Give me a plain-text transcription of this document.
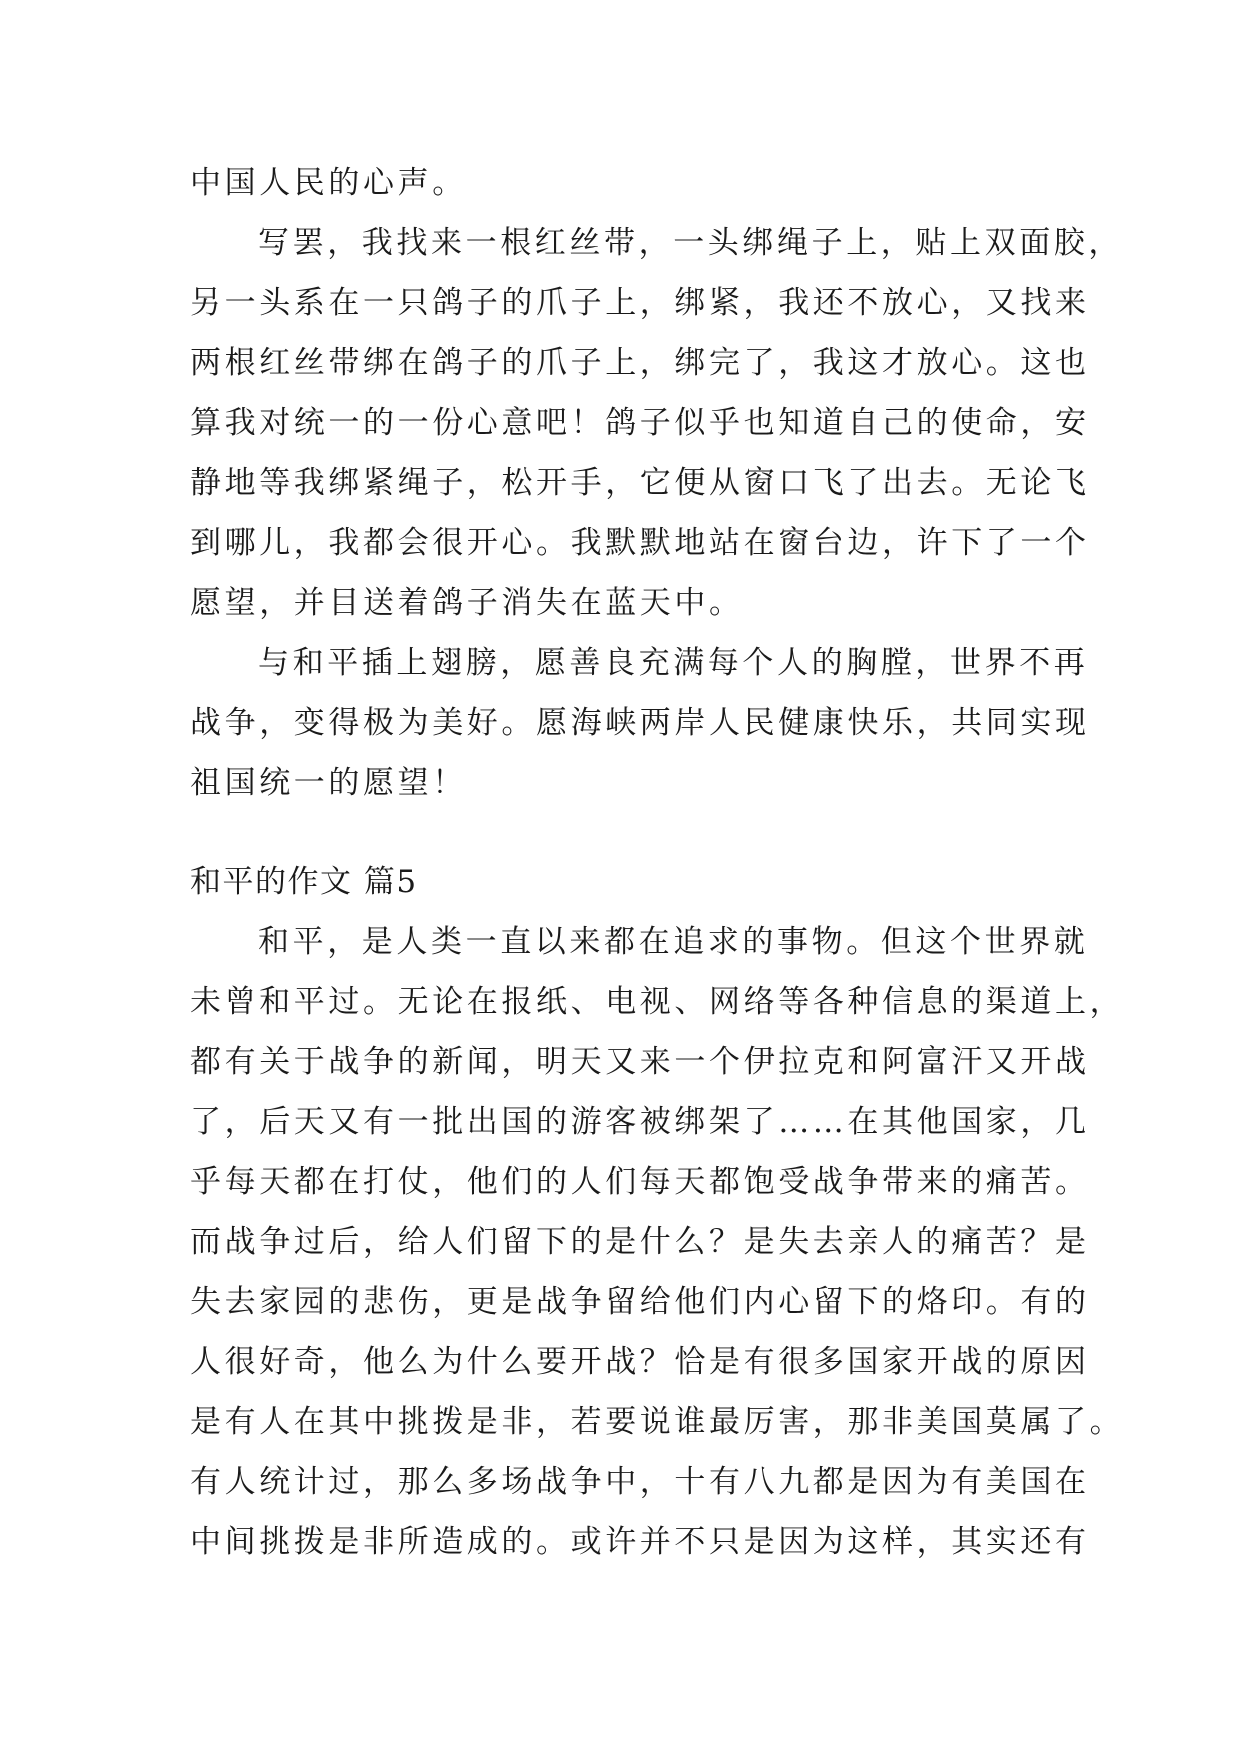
中国人民的心声。
写罢，我找来一根红丝带，一头绑绳子上，贴上双面胶，
另一头系在一只鸽子的爪子上，绑紧，我还不放心，又找来
两根红丝带绑在鸽子的爪子上，绑完了，我这才放心。这也
算我对统一的一份心意吧！鸽子似乎也知道自己的使命，安
静地等我绑紧绳子，松开手，它便从窗口飞了出去。无论飞
到哪儿，我都会很开心。我默默地站在窗台边，许下了一个
愿望，并目送着鸽子消失在蓝天中。
与和平插上翅膀，愿善良充满每个人的胸膛，世界不再
战争，变得极为美好。愿海峡两岸人民健康快乐，共同实现
祖国统一的愿望！
和平的作文 篇5
和平，是人类一直以来都在追求的事物。但这个世界就
未曾和平过。无论在报纸、电视、网络等各种信息的渠道上，
都有关于战争的新闻，明天又来一个伊拉克和阿富汗又开战
了，后天又有一批出国的游客被绑架了……在其他国家，几
乎每天都在打仗，他们的人们每天都饱受战争带来的痛苦。
而战争过后，给人们留下的是什么？是失去亲人的痛苦？是
失去家园的悲伤，更是战争留给他们内心留下的烙印。有的
人很好奇，他么为什么要开战？恰是有很多国家开战的原因
是有人在其中挑拨是非，若要说谁最厉害，那非美国莫属了。
有人统计过，那么多场战争中，十有八九都是因为有美国在
中间挑拨是非所造成的。或许并不只是因为这样，其实还有
